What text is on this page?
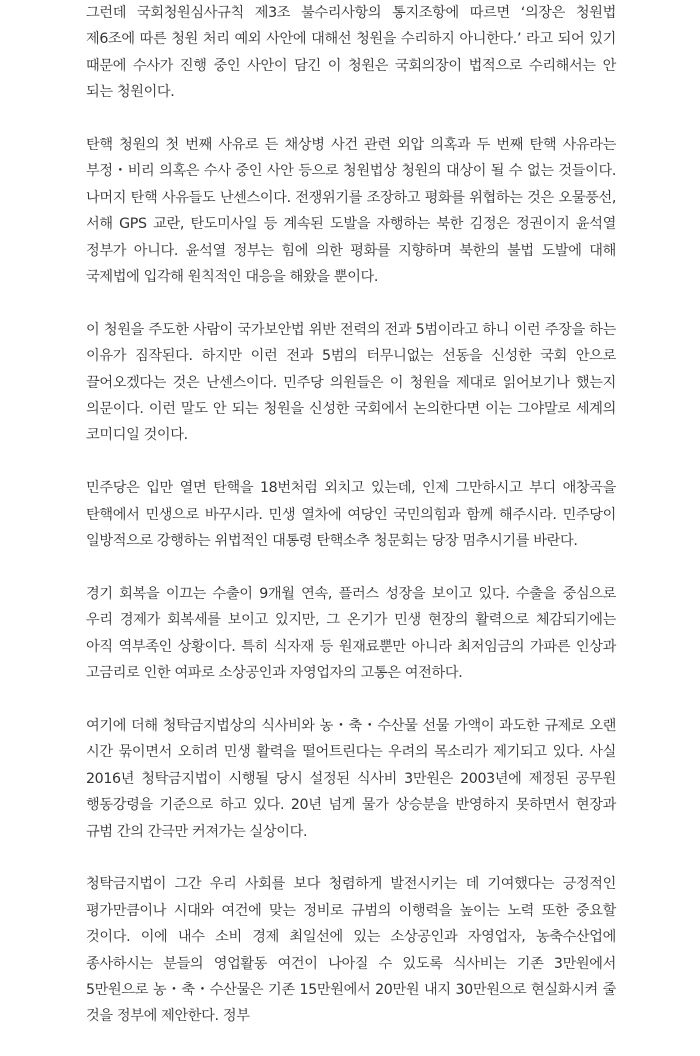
그런데 국회청원심사규칙 제3조 불수리사항의 통지조항에 따르면 ‘의장은 청원법 제6조에 따른 청원 처리 예외 사안에 대해선 청원을 수리하지 아니한다.’ 라고 되어 있기 때문에 수사가 진행 중인 사안이 담긴 이 청원은 국회의장이 법적으로 수리해서는 안 되는 청원이다.

탄핵 청원의 첫 번째 사유로 든 채상병 사건 관련 외압 의혹과 두 번째 탄핵 사유라는 부정・비리 의혹은 수사 중인 사안 등으로 청원법상 청원의 대상이 될 수 없는 것들이다. 나머지 탄핵 사유들도 난센스이다. 전쟁위기를 조장하고 평화를 위협하는 것은 오물풍선, 서해 GPS 교란, 탄도미사일 등 계속된 도발을 자행하는 북한 김정은 정권이지 윤석열 정부가 아니다. 윤석열 정부는 힘에 의한 평화를 지향하며 북한의 불법 도발에 대해 국제법에 입각해 원칙적인 대응을 해왔을 뿐이다.

이 청원을 주도한 사람이 국가보안법 위반 전력의 전과 5범이라고 하니 이런 주장을 하는 이유가 짐작된다. 하지만 이런 전과 5범의 터무니없는 선동을 신성한 국회 안으로 끌어오겠다는 것은 난센스이다. 민주당 의원들은 이 청원을 제대로 읽어보기나 했는지 의문이다. 이런 말도 안 되는 청원을 신성한 국회에서 논의한다면 이는 그야말로 세계의 코미디일 것이다.

민주당은 입만 열면 탄핵을 18번처럼 외치고 있는데, 인제 그만하시고 부디 애창곡을 탄핵에서 민생으로 바꾸시라. 민생 열차에 여당인 국민의힘과 함께 해주시라. 민주당이 일방적으로 강행하는 위법적인 대통령 탄핵소추 청문회는 당장 멈추시기를 바란다.

경기 회복을 이끄는 수출이 9개월 연속, 플러스 성장을 보이고 있다. 수출을 중심으로 우리 경제가 회복세를 보이고 있지만, 그 온기가 민생 현장의 활력으로 체감되기에는 아직 역부족인 상황이다. 특히 식자재 등 원재료뿐만 아니라 최저임금의 가파른 인상과 고금리로 인한 여파로 소상공인과 자영업자의 고통은 여전하다.

여기에 더해 청탁금지법상의 식사비와 농・축・수산물 선물 가액이 과도한 규제로 오랜 시간 묶이면서 오히려 민생 활력을 떨어트린다는 우려의 목소리가 제기되고 있다. 사실 2016년 청탁금지법이 시행될 당시 설정된 식사비 3만원은 2003년에 제정된 공무원 행동강령을 기준으로 하고 있다. 20년 넘게 물가 상승분을 반영하지 못하면서 현장과 규범 간의 간극만 커져가는 실상이다.

청탁금지법이 그간 우리 사회를 보다 청렴하게 발전시키는 데 기여했다는 긍정적인 평가만큼이나 시대와 여건에 맞는 정비로 규범의 이행력을 높이는 노력 또한 중요할 것이다. 이에 내수 소비 경제 최일선에 있는 소상공인과 자영업자, 농축수산업에 종사하시는 분들의 영업활동 여건이 나아질 수 있도록 식사비는 기존 3만원에서 5만원으로 농・축・수산물은 기존 15만원에서 20만원 내지 30만원으로 현실화시켜 줄 것을 정부에 제안한다. 정부
